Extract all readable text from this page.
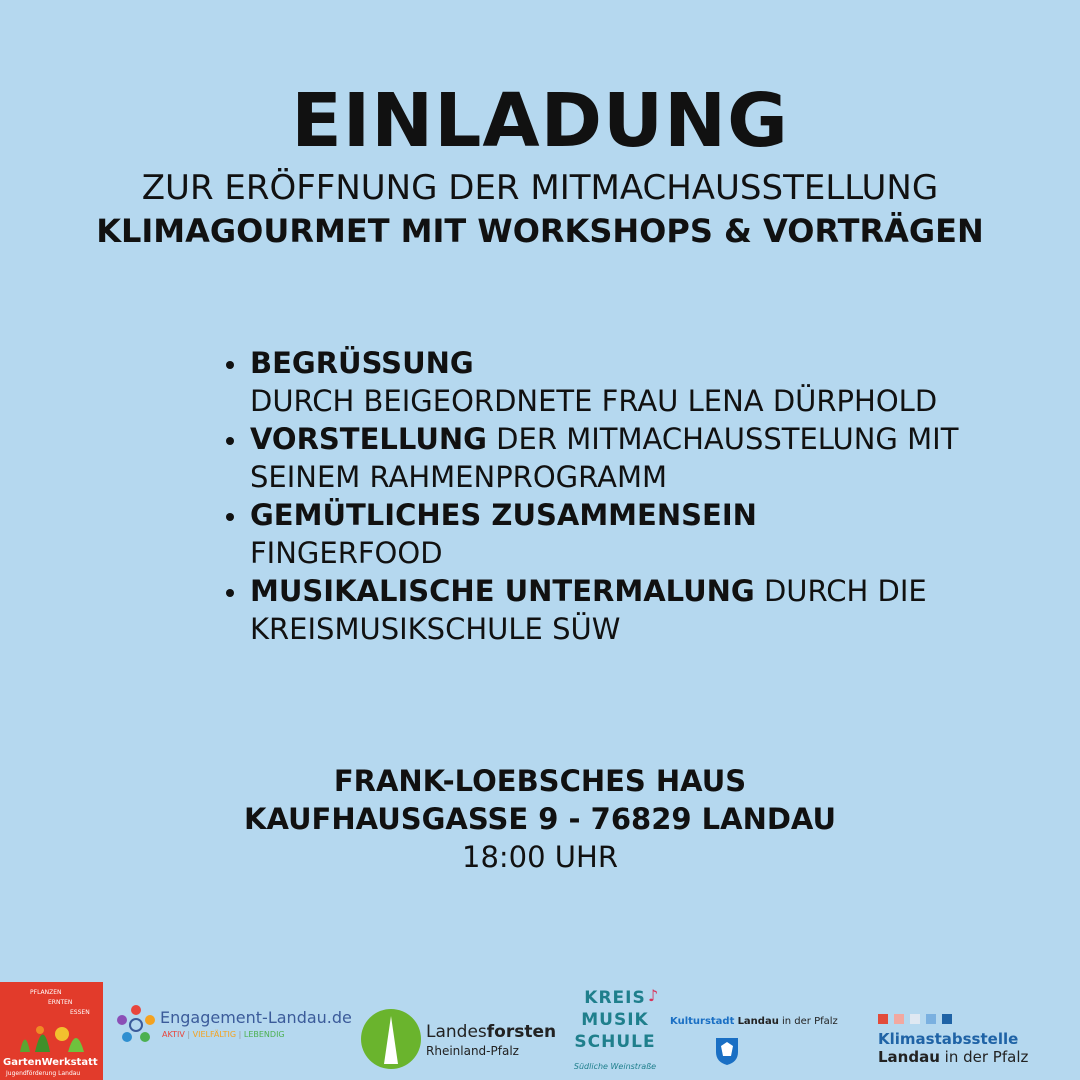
EINLADUNG

ZUR ERÖFFNUNG DER MITMACHAUSSTELLUNG

KLIMAGOURMET MIT WORKSHOPS & VORTRÄGEN

BEGRÜSSUNG
DURCH BEIGEORDNETE FRAU LENA DÜRPHOLD
VORSTELLUNG DER MITMACHAUSSTELUNG MIT
SEINEM RAHMENPROGRAMM
GEMÜTLICHES ZUSAMMENSEIN
FINGERFOOD
MUSIKALISCHE UNTERMALUNG DURCH DIE
KREISMUSIKSCHULE SÜW
FRANK-LOEBSCHES HAUS
KAUFHAUSGASSE 9 - 76829 LANDAU
18:00 UHR
PFLANZEN
ERNTEN
ESSEN
GartenWerkstatt
Jugendförderung Landau
Engagement-Landau.de
AKTIV | VIELFÄLTIG | LEBENDIG	Landesforsten
Rheinland-Pfalz
KREIS
MUSIK
SCHULE
Südliche Weinstraße
♪
Kulturstadt Landau in der Pfalz
Klimastabsstelle
Landau in der Pfalz
